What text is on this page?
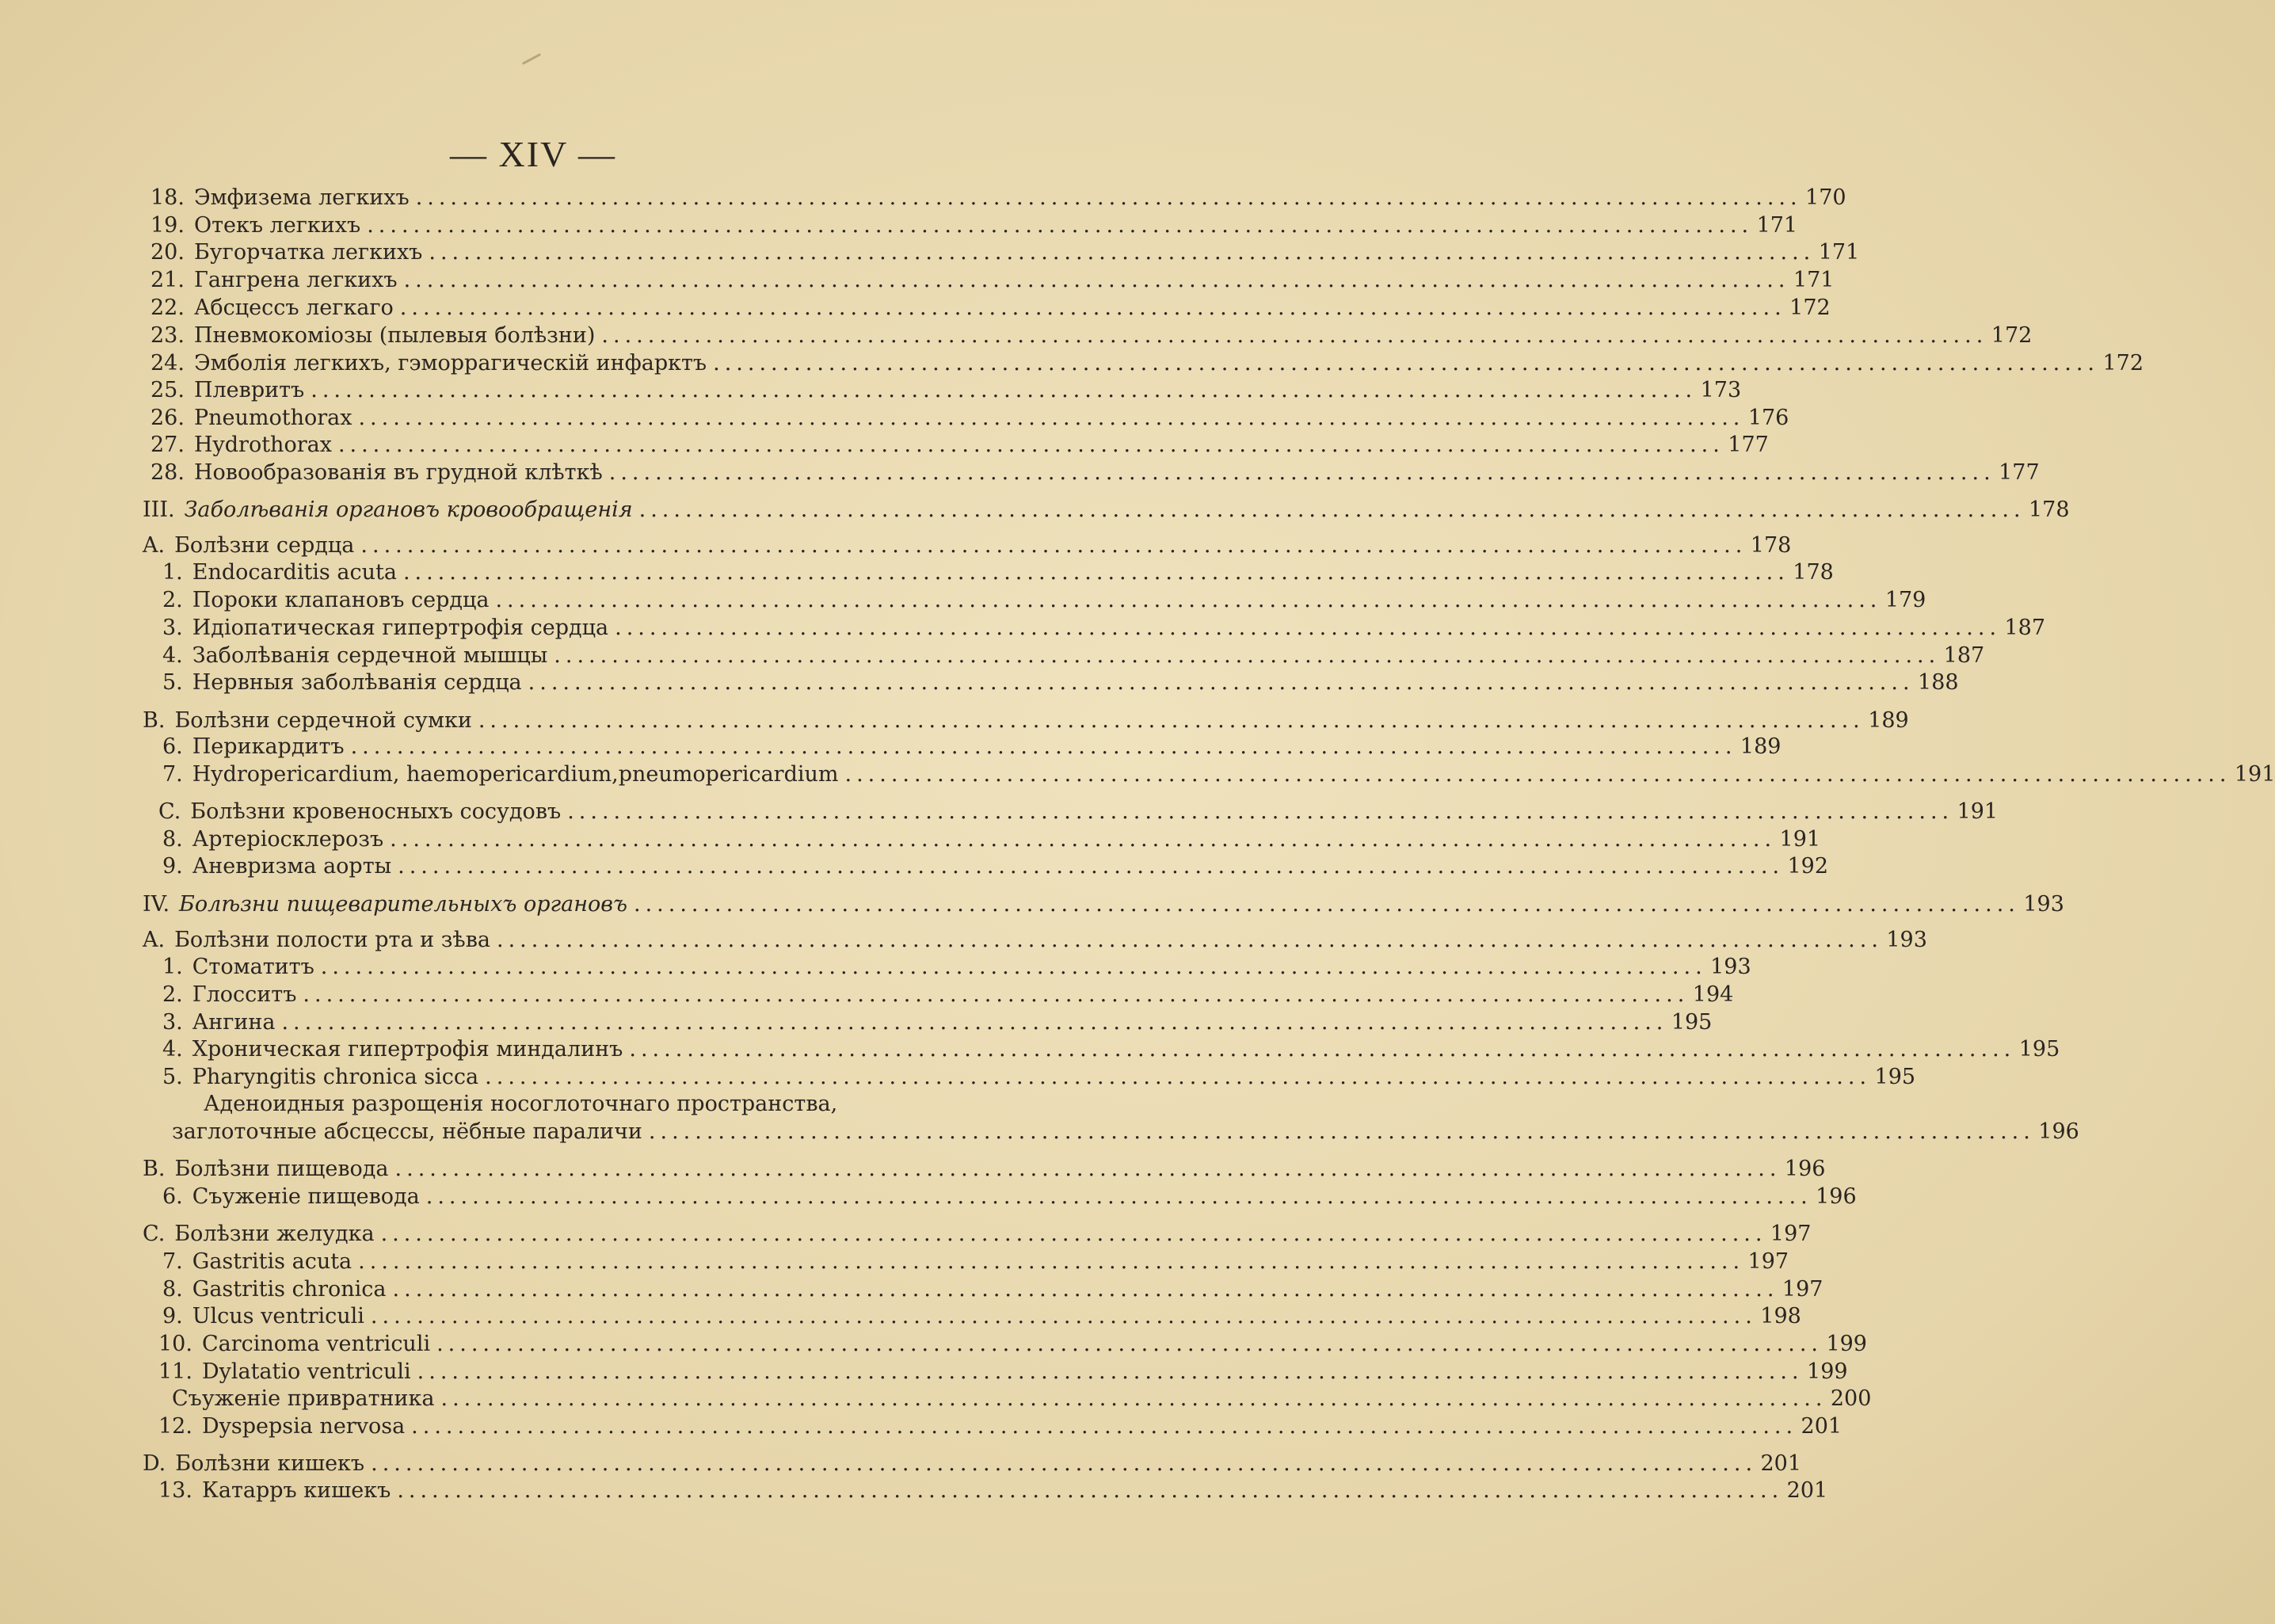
— XIV —
18. Эмфизема легкихъ ........................................................................................................................ 170
19. Отекъ легкихъ ........................................................................................................................ 171
20. Бугорчатка легкихъ ........................................................................................................................ 171
21. Гангрена легкихъ ........................................................................................................................ 171
22. Абсцессъ легкаго ........................................................................................................................ 172
23. Пневмокоміозы (пылевыя болѣзни) ........................................................................................................................ 172
24. Эмболія легкихъ, гэморрагическій инфарктъ ........................................................................................................................ 172
25. Плевритъ ........................................................................................................................ 173
26. Pneumothorax ........................................................................................................................ 176
27. Hydrothorax ........................................................................................................................ 177
28. Новообразованія въ грудной клѣткѣ ........................................................................................................................ 177
III. Заболѣванія органовъ кровообращенія ........................................................................................................................ 178
A. Болѣзни сердца ........................................................................................................................ 178
1. Endocarditis acuta ........................................................................................................................ 178
2. Пороки клапановъ сердца ........................................................................................................................ 179
3. Идіопатическая гипертрофія сердца ........................................................................................................................ 187
4. Заболѣванія сердечной мышцы ........................................................................................................................ 187
5. Нервныя заболѣванія сердца ........................................................................................................................ 188
B. Болѣзни сердечной сумки ........................................................................................................................ 189
6. Перикардитъ ........................................................................................................................ 189
7. Hydropericardium, haemopericardium,pneumopericardium ........................................................................................................................ 191
C. Болѣзни кровеносныхъ сосудовъ ........................................................................................................................ 191
8. Артеріосклерозъ ........................................................................................................................ 191
9. Аневризма аорты ........................................................................................................................ 192
IV. Болѣзни пищеварительныхъ органовъ ........................................................................................................................ 193
A. Болѣзни полости рта и зѣва ........................................................................................................................ 193
1. Стоматитъ ........................................................................................................................ 193
2. Глосситъ ........................................................................................................................ 194
3. Ангина ........................................................................................................................ 195
4. Хроническая гипертрофія миндалинъ ........................................................................................................................ 195
5. Pharyngitis chronica sicca ........................................................................................................................ 195
Аденоидныя разрощенія носоглоточнаго пространства,
заглоточные абсцессы, нёбные параличи ........................................................................................................................ 196
B. Болѣзни пищевода ........................................................................................................................ 196
6. Съуженіе пищевода ........................................................................................................................ 196
C. Болѣзни желудка ........................................................................................................................ 197
7. Gastritis acuta ........................................................................................................................ 197
8. Gastritis chronica ........................................................................................................................ 197
9. Ulcus ventriculi ........................................................................................................................ 198
10. Carcinoma ventriculi ........................................................................................................................ 199
11. Dylatatio ventriculi ........................................................................................................................ 199
Съуженіе привратника ........................................................................................................................ 200
12. Dyspepsia nervosa ........................................................................................................................ 201
D. Болѣзни кишекъ ........................................................................................................................ 201
13. Катарръ кишекъ ........................................................................................................................ 201
